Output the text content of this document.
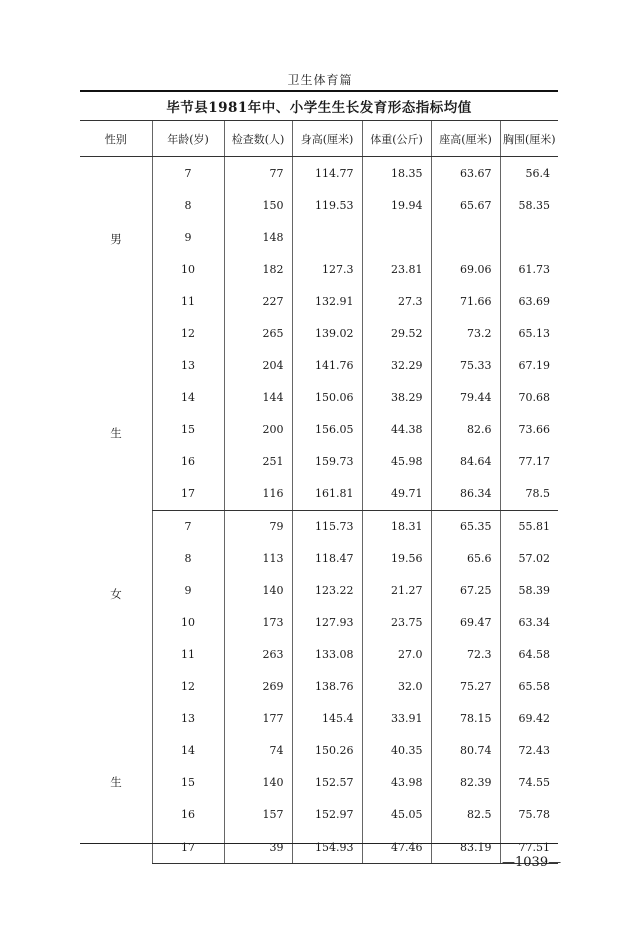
卫生体育篇
毕节县1981年中、小学生生长发育形态指标均值
性别	年龄(岁)	检查数(人)	身高(厘米)	体重(公斤)	座高(厘米)	胸围(厘米)

男
生	7	77	114.77	18.35	63.67	56.4
	8	150	119.53	19.94	65.67	58.35
	9	148				
	10	182	127.3	23.81	69.06	61.73
	11	227	132.91	27.3	71.66	63.69
	12	265	139.02	29.52	73.2	65.13
	13	204	141.76	32.29	75.33	67.19
	14	144	150.06	38.29	79.44	70.68
	15	200	156.05	44.38	82.6	73.66
	16	251	159.73	45.98	84.64	77.17
	17	116	161.81	49.71	86.34	78.5

女
生	7	79	115.73	18.31	65.35	55.81
	8	113	118.47	19.56	65.6	57.02
	9	140	123.22	21.27	67.25	58.39
	10	173	127.93	23.75	69.47	63.34
	11	263	133.08	27.0	72.3	64.58
	12	269	138.76	32.0	75.27	65.58
	13	177	145.4	33.91	78.15	69.42
	14	74	150.26	40.35	80.74	72.43
	15	140	152.57	43.98	82.39	74.55
	16	157	152.97	45.05	82.5	75.78
	17	39	154.93	47.46	83.19	77.51
—1039—
